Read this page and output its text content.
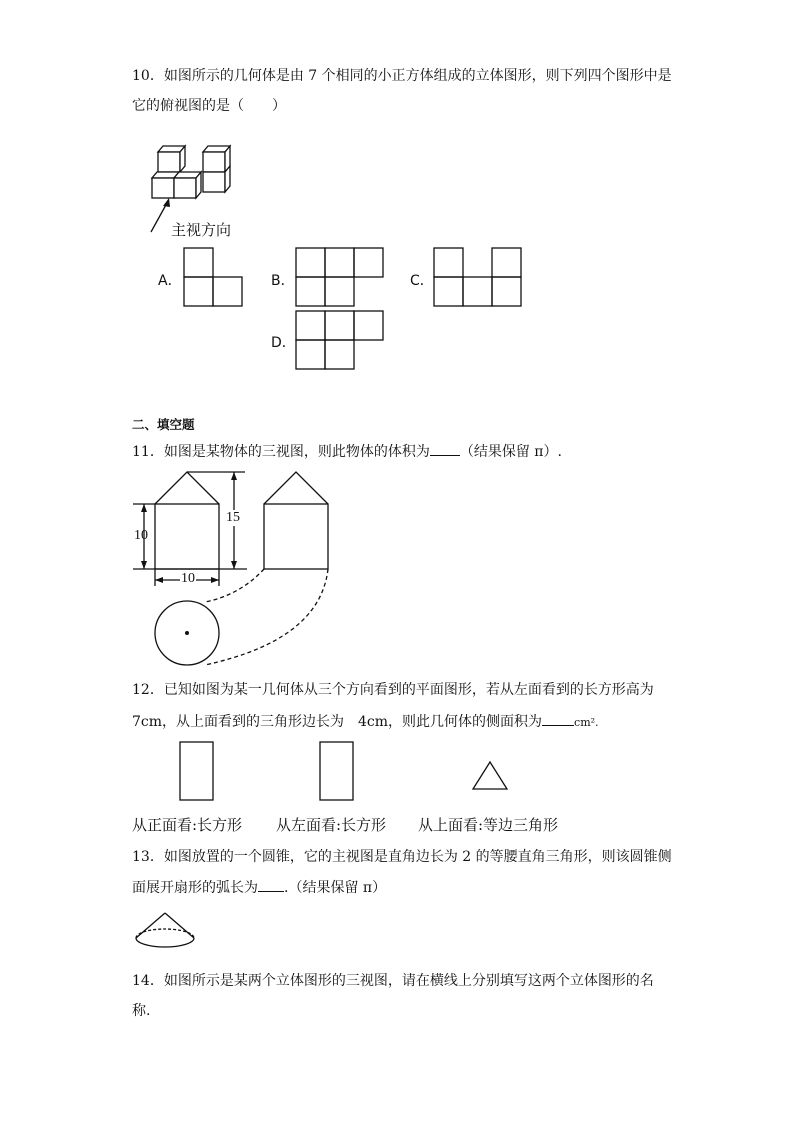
10．如图所示的几何体是由 7 个相同的小正方体组成的立体图形，则下列四个图形中是
它的俯视图的是（　　）
主视方向
A．	B．	C．
D．
二、填空题
11．如图是某物体的三视图，则此物体的体积为 （结果保留 π）.
10
15
10
12．已知如图为某一几何体从三个方向看到的平面图形，若从左面看到的长方形高为
7cm，从上面看到的三角形边长为　4cm，则此几何体的侧面积为	cm².
从正面看:长方形 从左面看:长方形 从上面看:等边三角形
13．如图放置的一个圆锥，它的主视图是直角边长为 2 的等腰直角三角形，则该圆锥侧
面展开扇形的弧长为 .（结果保留 π）
14．如图所示是某两个立体图形的三视图，请在横线上分别填写这两个立体图形的名
称.
